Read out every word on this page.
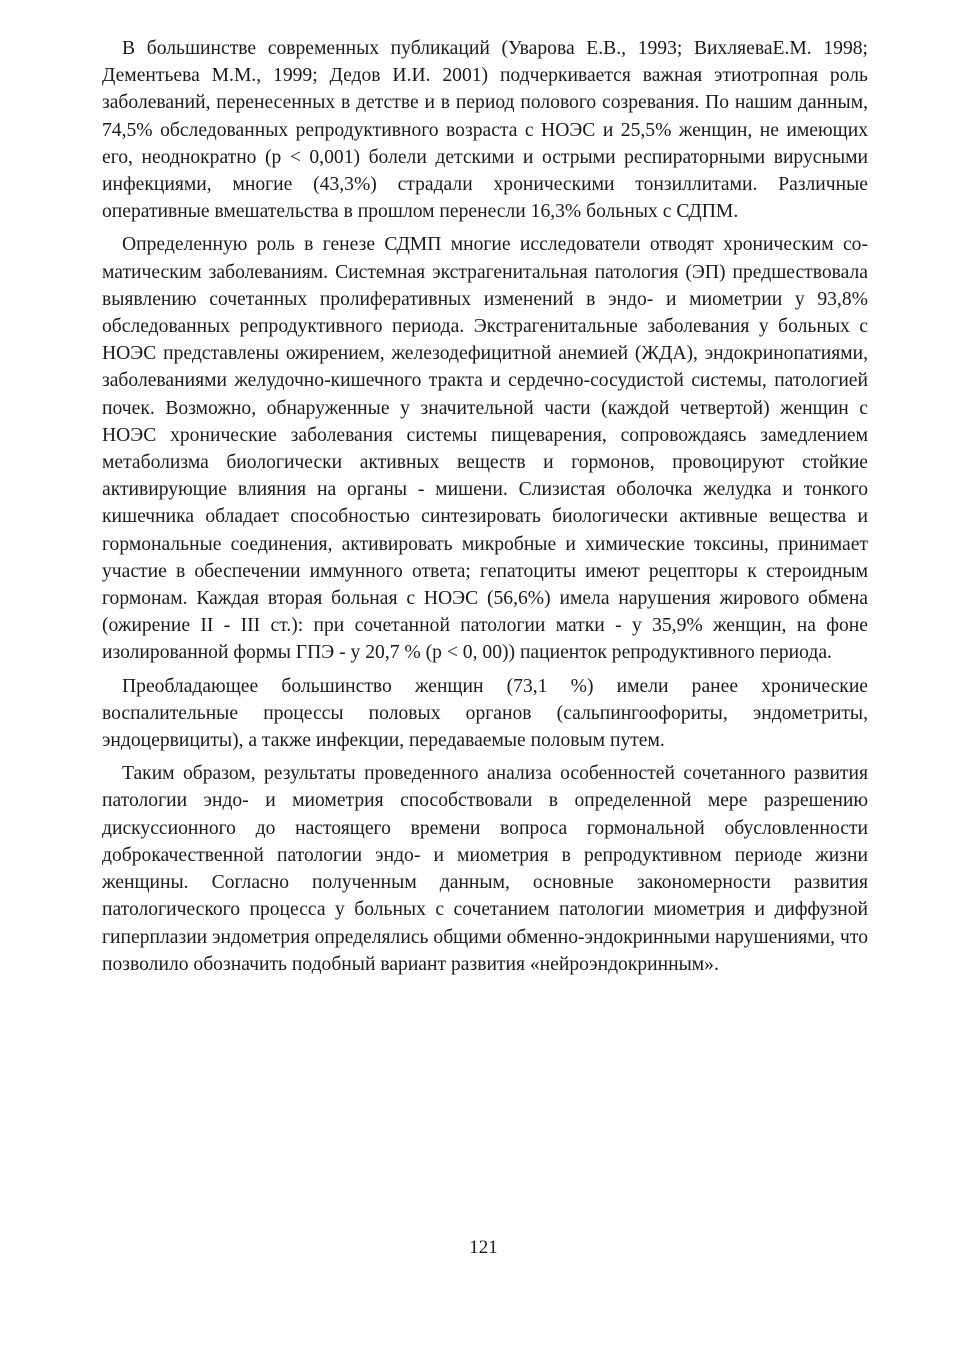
В большинстве современных публикаций (Уварова Е.В., 1993; ВихляеваЕ.М. 1998; Дементьева М.М., 1999; Дедов И.И. 2001) подчеркивается важная этиотропная роль заболеваний, перенесенных в детстве и в период полового созревания. По нашим данным, 74,5% обследованных репродуктивного возраста с НОЭС и 25,5% женщин, не имеющих его, неоднократно (р < 0,001) болели детскими и острыми респираторными вирусными инфекциями, многие (43,3%) страдали хроническими тонзиллитами. Различные оперативные вмешательства в прошлом перенесли 16,3% больных с СДПМ.

Определенную роль в генезе СДМП многие исследователи отводят хроническим со-матическим заболеваниям. Системная экстрагенитальная патология (ЭП) предшествовала выявлению сочетанных пролиферативных изменений в эндо- и миометрии у 93,8% обследованных репродуктивного периода. Экстрагенитальные заболевания у больных с НОЭС представлены ожирением, железодефицитной анемией (ЖДА), эндокринопатиями, заболеваниями желудочно-кишечного тракта и сердечно-сосудистой системы, патологией почек. Возможно, обнаруженные у значительной части (каждой четвертой) женщин с НОЭС хронические заболевания системы пищеварения, сопровождаясь замедлением метаболизма биологически активных веществ и гормонов, провоцируют стойкие активирующие влияния на органы - мишени. Слизистая оболочка желудка и тонкого кишечника обладает способностью синтезировать биологически активные вещества и гормональные соединения, активировать микробные и химические токсины, принимает участие в обеспечении иммунного ответа; гепатоциты имеют рецепторы к стероидным гормонам. Каждая вторая больная с НОЭС (56,6%) имела нарушения жирового обмена (ожирение II - III ст.): при сочетанной патологии матки - у 35,9% женщин, на фоне изолированной формы ГПЭ - у 20,7 % (р < 0, 00)) пациенток репродуктивного периода.

Преобладающее большинство женщин (73,1 %) имели ранее хронические воспалительные процессы половых органов (сальпингоофориты, эндометриты, эндоцервициты), а также инфекции, передаваемые половым путем.

Таким образом, результаты проведенного анализа особенностей сочетанного развития патологии эндо- и миометрия способствовали в определенной мере разрешению дискуссионного до настоящего времени вопроса гормональной обусловленности доброкачественной патологии эндо- и миометрия в репродуктивном периоде жизни женщины. Согласно полученным данным, основные закономерности развития патологического процесса у больных с сочетанием патологии миометрия и диффузной гиперплазии эндометрия определялись общими обменно-эндокринными нарушениями, что позволило обозначить подобный вариант развития «нейроэндокринным».

121
